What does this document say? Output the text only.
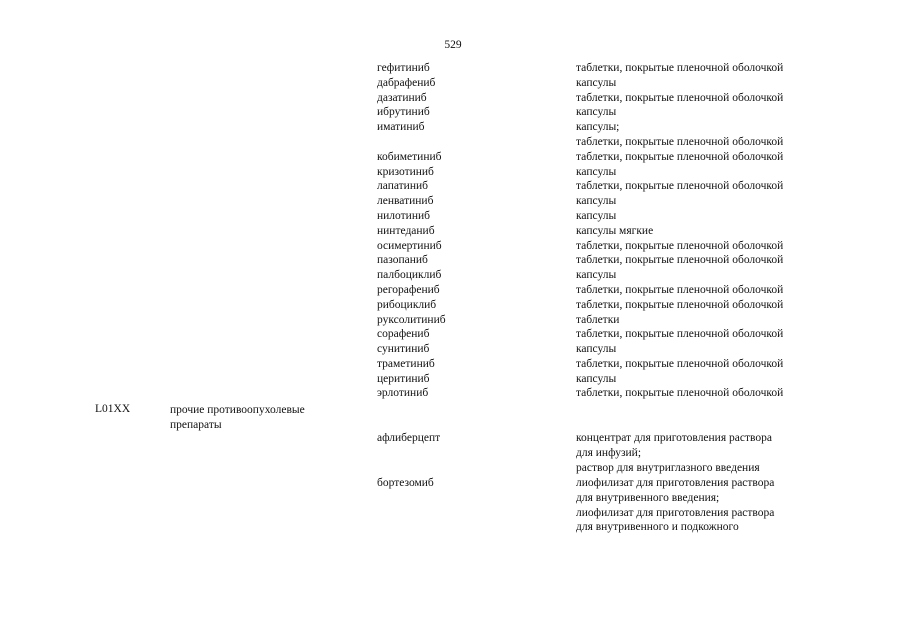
529
L01XX	прочие противоопухолевые
препараты
гефитиниб
дабрафениб
дазатиниб
ибрутиниб
иматиниб
кобиметиниб
кризотиниб
лапатиниб
ленватиниб
нилотиниб
нинтеданиб
осимертиниб
пазопаниб
палбоциклиб
регорафениб
рибоциклиб
руксолитиниб
сорафениб
сунитиниб
траметиниб
церитиниб
эрлотиниб
афлиберцепт
бортезомиб
таблетки, покрытые пленочной оболочкой
капсулы
таблетки, покрытые пленочной оболочкой
капсулы
капсулы;
таблетки, покрытые пленочной оболочкой
таблетки, покрытые пленочной оболочкой
капсулы
таблетки, покрытые пленочной оболочкой
капсулы
капсулы
капсулы мягкие
таблетки, покрытые пленочной оболочкой
таблетки, покрытые пленочной оболочкой
капсулы
таблетки, покрытые пленочной оболочкой
таблетки, покрытые пленочной оболочкой
таблетки
таблетки, покрытые пленочной оболочкой
капсулы
таблетки, покрытые пленочной оболочкой
капсулы
таблетки, покрытые пленочной оболочкой
концентрат для приготовления раствора
для инфузий;
раствор для внутриглазного введения
лиофилизат для приготовления раствора
для внутривенного введения;
лиофилизат для приготовления раствора
для внутривенного и подкожного
